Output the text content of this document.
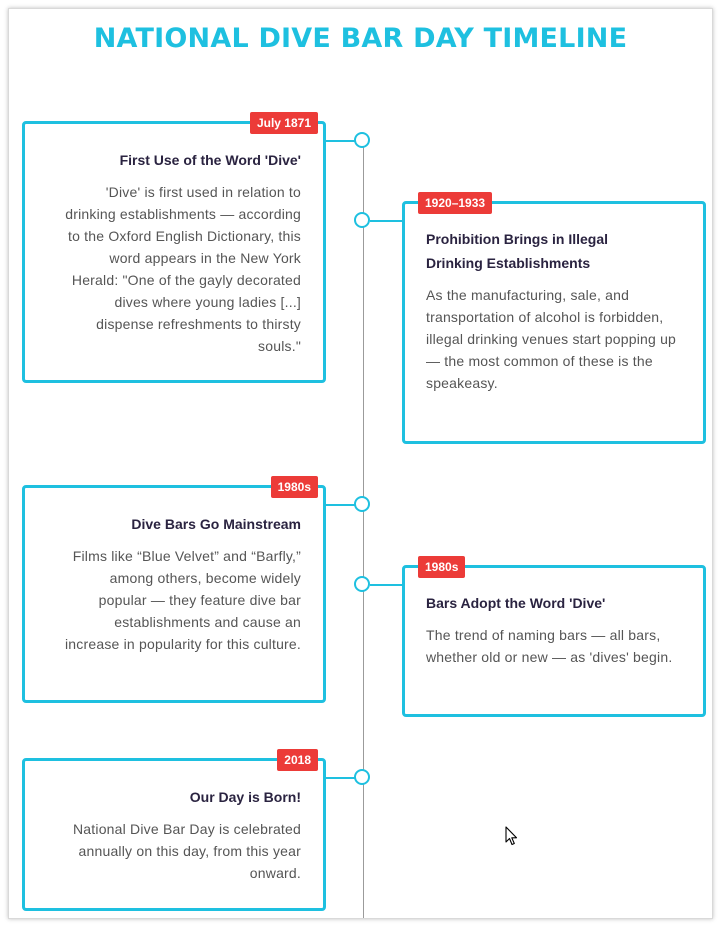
NATIONAL DIVE BAR DAY TIMELINE
July 1871
First Use of the Word 'Dive'
'Dive' is first used in relation to drinking establishments — according to the Oxford English Dictionary, this word appears in the New York Herald: "One of the gayly decorated dives where young ladies [...] dispense refreshments to thirsty souls."
1920–1933
Prohibition Brings in Illegal Drinking Establishments
As the manufacturing, sale, and transportation of alcohol is forbidden, illegal drinking venues start popping up — the most common of these is the speakeasy.
1980s
Dive Bars Go Mainstream
Films like “Blue Velvet” and “Barfly,” among others, become widely popular — they feature dive bar establishments and cause an increase in popularity for this culture.
1980s
Bars Adopt the Word 'Dive'
The trend of naming bars — all bars, whether old or new — as 'dives' begin.
2018
Our Day is Born!
National Dive Bar Day is celebrated annually on this day, from this year onward.
